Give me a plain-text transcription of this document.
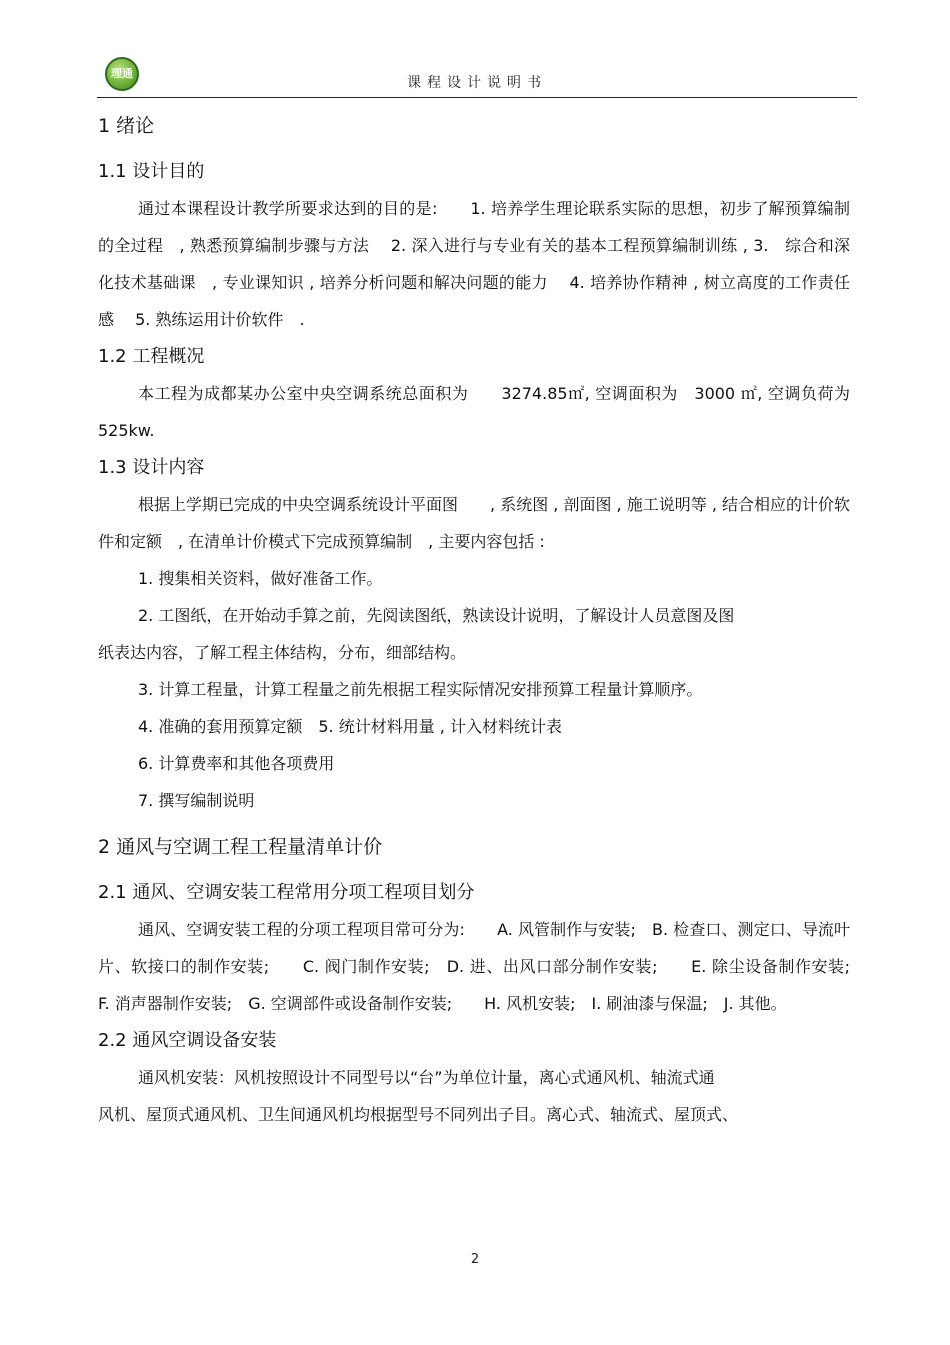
理通
课程设计说明书
1 绪论
1.1 设计目的

通过本课程设计教学所要求达到的目的是:　　1. 培养学生理论联系实际的思想，初步了解预算编制的全过程　, 熟悉预算编制步骤与方法　 2. 深入进行与专业有关的基本工程预算编制训练 , 3.　综合和深化技术基础课　, 专业课知识 , 培养分析问题和解决问题的能力　 4. 培养协作精神 , 树立高度的工作责任感　 5. 熟练运用计价软件　.

1.2 工程概况

本工程为成都某办公室中央空调系统总面积为　　3274.85㎡, 空调面积为　3000 ㎡, 空调负荷为 525kw.

1.3 设计内容

根据上学期已完成的中央空调系统设计平面图　　, 系统图 , 剖面图 , 施工说明等 , 结合相应的计价软件和定额　, 在清单计价模式下完成预算编制　, 主要内容包括 :

1. 搜集相关资料，做好准备工作。
2. 工图纸，在开始动手算之前，先阅读图纸，熟读设计说明，了解设计人员意图及图
纸表达内容，了解工程主体结构，分布，细部结构。
3. 计算工程量，计算工程量之前先根据工程实际情况安排预算工程量计算顺序。
4. 准确的套用预算定额　5. 统计材料用量 , 计入材料统计表
6. 计算费率和其他各项费用
7. 撰写编制说明
2 通风与空调工程工程量清单计价
2.1 通风、空调安装工程常用分项工程项目划分

通风、空调安装工程的分项工程项目常可分为:　　A. 风管制作与安装;　B. 检查口、测定口、导流叶片、软接口的制作安装;　　C. 阀门制作安装;　D. 进、出风口部分制作安装;　　E. 除尘设备制作安装;　F. 消声器制作安装;　G. 空调部件或设备制作安装;　　H. 风机安装;　I. 刷油漆与保温;　J. 其他。

2.2 通风空调设备安装
通风机安装：风机按照设计不同型号以“台”为单位计量，离心式通风机、轴流式通
风机、屋顶式通风机、卫生间通风机均根据型号不同列出子目。离心式、轴流式、屋顶式、
2
